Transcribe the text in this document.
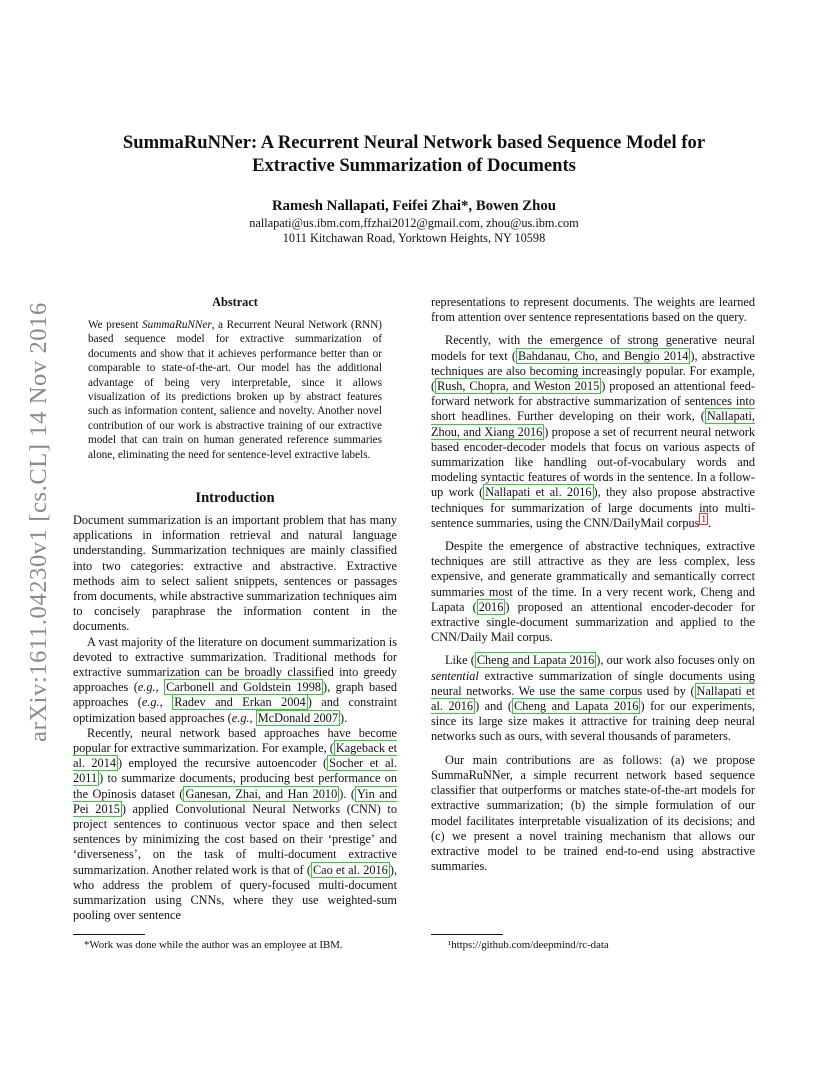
arXiv:1611.04230v1 [cs.CL] 14 Nov 2016
SummaRuNNer: A Recurrent Neural Network based Sequence Model for
Extractive Summarization of Documents
Ramesh Nallapati, Feifei Zhai*, Bowen Zhou
nallapati@us.ibm.com,ffzhai2012@gmail.com, zhou@us.ibm.com
1011 Kitchawan Road, Yorktown Heights, NY 10598
Abstract
We present SummaRuNNer, a Recurrent Neural Network (RNN) based sequence model for extractive summarization of documents and show that it achieves performance better than or comparable to state-of-the-art. Our model has the additional advantage of being very interpretable, since it allows visualization of its predictions broken up by abstract features such as information content, salience and novelty. Another novel contribution of our work is abstractive training of our extractive model that can train on human generated reference summaries alone, eliminating the need for sentence-level extractive labels.
Introduction

Document summarization is an important problem that has many applications in information retrieval and natural language understanding. Summarization techniques are mainly classified into two categories: extractive and abstractive. Extractive methods aim to select salient snippets, sentences or passages from documents, while abstractive summarization techniques aim to concisely paraphrase the information content in the documents.

A vast majority of the literature on document summarization is devoted to extractive summarization. Traditional methods for extractive summarization can be broadly classified into greedy approaches (e.g., Carbonell and Goldstein 1998 ), graph based approaches (e.g., Radev and Erkan 2004 ) and constraint optimization based approaches (e.g., McDonald 2007 ).

Recently, neural network based approaches have become popular for extractive summarization. For example, ( Kageback et al. 2014 ) employed the recursive autoencoder ( Socher et al. 2011 ) to summarize documents, producing best performance on the Opinosis dataset ( Ganesan, Zhai, and Han 2010 ). ( Yin and Pei 2015 ) applied Convolutional Neural Networks (CNN) to project sentences to continuous vector space and then select sentences by minimizing the cost based on their ‘prestige’ and ‘diverseness’, on the task of multi-document extractive summarization. Another related work is that of ( Cao et al. 2016 ), who address the problem of query-focused multi-document summarization using CNNs, where they use weighted-sum pooling over sentence

*Work was done while the author was an employee at IBM.

representations to represent documents. The weights are learned from attention over sentence representations based on the query.

Recently, with the emergence of strong generative neural models for text ( Bahdanau, Cho, and Bengio 2014 ), abstractive techniques are also becoming increasingly popular. For example, ( Rush, Chopra, and Weston 2015 ) proposed an attentional feed-forward network for abstractive summarization of sentences into short headlines. Further developing on their work, ( Nallapati, Zhou, and Xiang 2016 ) propose a set of recurrent neural network based encoder-decoder models that focus on various aspects of summarization like handling out-of-vocabulary words and modeling syntactic features of words in the sentence. In a follow-up work ( Nallapati et al. 2016 ), they also propose abstractive techniques for summarization of large documents into multi-sentence summaries, using the CNN/DailyMail corpus $^1$ .

Despite the emergence of abstractive techniques, extractive techniques are still attractive as they are less complex, less expensive, and generate grammatically and semantically correct summaries most of the time. In a very recent work, Cheng and Lapata ( 2016 ) proposed an attentional encoder-decoder for extractive single-document summarization and applied to the CNN/Daily Mail corpus.

Like ( Cheng and Lapata 2016 ), our work also focuses only on sentential extractive summarization of single documents using neural networks. We use the same corpus used by ( Nallapati et al. 2016 ) and ( Cheng and Lapata 2016 ) for our experiments, since its large size makes it attractive for training deep neural networks such as ours, with several thousands of parameters.

Our main contributions are as follows: (a) we propose SummaRuNNer, a simple recurrent network based sequence classifier that outperforms or matches state-of-the-art models for extractive summarization; (b) the simple formulation of our model facilitates interpretable visualization of its decisions; and (c) we present a novel training mechanism that allows our extractive model to be trained end-to-end using abstractive summaries.

¹https://github.com/deepmind/rc-data
